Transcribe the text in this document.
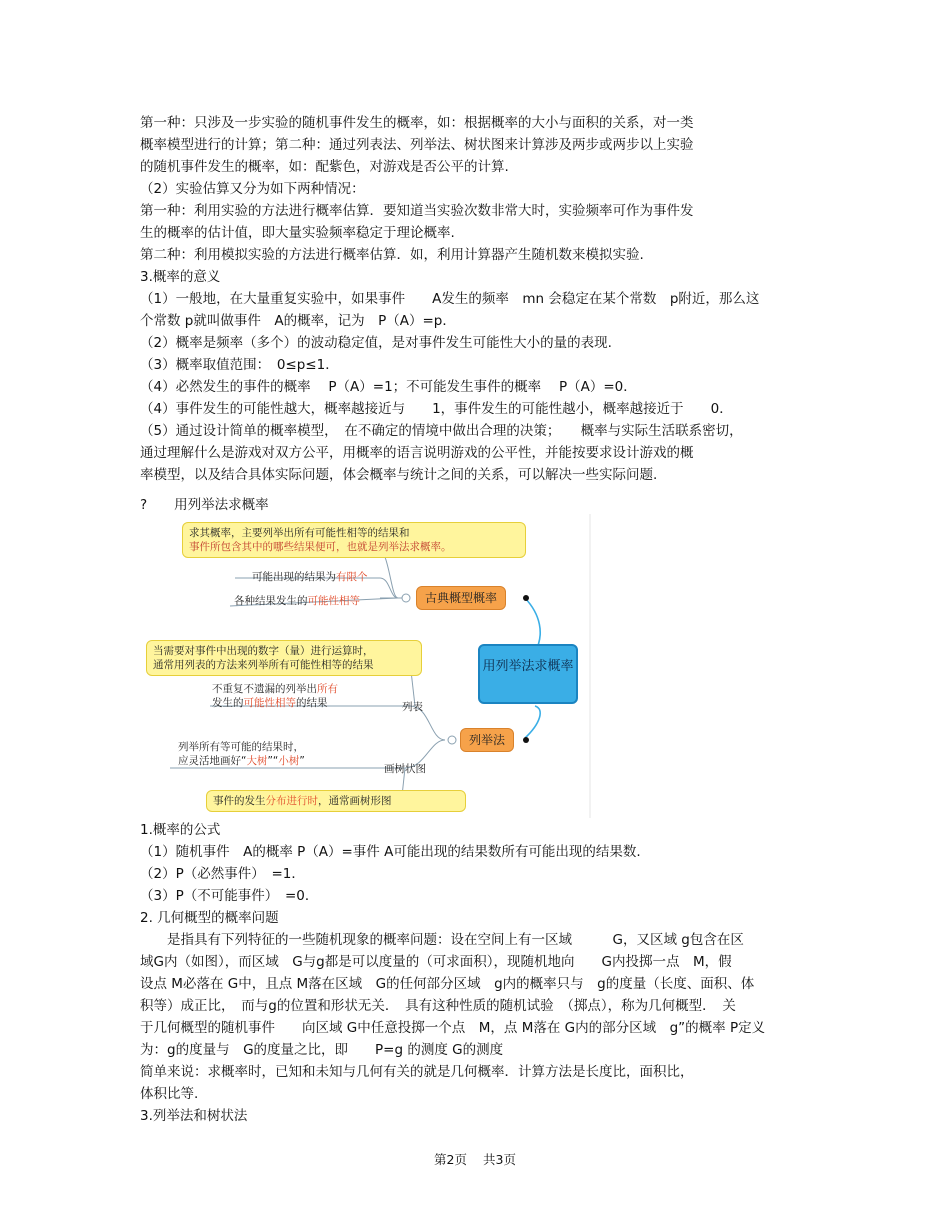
第一种：只涉及一步实验的随机事件发生的概率，如：根据概率的大小与面积的关系，对一类
概率模型进行的计算；第二种：通过列表法、列举法、树状图来计算涉及两步或两步以上实验
的随机事件发生的概率，如：配紫色，对游戏是否公平的计算.
（2）实验估算又分为如下两种情况：
第一种：利用实验的方法进行概率估算．要知道当实验次数非常大时，实验频率可作为事件发
生的概率的估计值，即大量实验频率稳定于理论概率.
第二种：利用模拟实验的方法进行概率估算．如，利用计算器产生随机数来模拟实验.
3.概率的意义
（1）一般地，在大量重复实验中，如果事件　　A发生的频率　mn 会稳定在某个常数　p附近，那么这
个常数 p就叫做事件　A的概率，记为　P（A）=p．
（2）概率是频率（多个）的波动稳定值，是对事件发生可能性大小的量的表现.
（3）概率取值范围：　0≤p≤1．
（4）必然发生的事件的概率　 P（A）=1；不可能发生事件的概率　 P（A）=0．
（4）事件发生的可能性越大，概率越接近与　　1，事件发生的可能性越小，概率越接近于　　0．
（5）通过设计简单的概率模型，　在不确定的情境中做出合理的决策；　　概率与实际生活联系密切，
通过理解什么是游戏对双方公平，用概率的语言说明游戏的公平性，并能按要求设计游戏的概
率模型，以及结合具体实际问题，体会概率与统计之间的关系，可以解决一些实际问题.
?　　用列举法求概率
求其概率，主要列举出所有可能性相等的结果和
事件所包含其中的哪些结果便可，也就是列举法求概率。
可能出现的结果为有限个
各种结果发生的可能性相等	古典概型概率
用列举法求概率
当需要对事件中出现的数字（量）进行运算时，
通常用列表的方法来列举所有可能性相等的结果
不重复不遗漏的列举出所有
发生的可能性相等的结果	列表
列举法
列举所有等可能的结果时，
应灵活地画好“大树”“小树”
画树状图
事件的发生分布进行时，通常画树形图
1.概率的公式
（1）随机事件　A的概率 P（A）=事件 A可能出现的结果数所有可能出现的结果数.
（2）P（必然事件）　=1．
（3）P（不可能事件）　=0．
2. 几何概型的概率问题
　　是指具有下列特征的一些随机现象的概率问题：设在空间上有一区域　　　G，又区域 g包含在区
域G内（如图），而区域　G与g都是可以度量的（可求面积），现随机地向　　G内投掷一点　M，假
设点 M必落在 G中，且点 M落在区域　G的任何部分区域　g内的概率只与　g的度量（长度、面积、体
积等）成正比，　而与g的位置和形状无关．　具有这种性质的随机试验　（掷点），称为几何概型．　关
于几何概型的随机事件　　向区域 G中任意投掷一个点　M，点 M落在 G内的部分区域　g”的概率 P定义
为：g的度量与　G的度量之比，即　　P=g 的测度 G的测度
简单来说：求概率时，已知和未知与几何有关的就是几何概率．计算方法是长度比，面积比，
体积比等.
3.列举法和树状法
第2页 共3页
